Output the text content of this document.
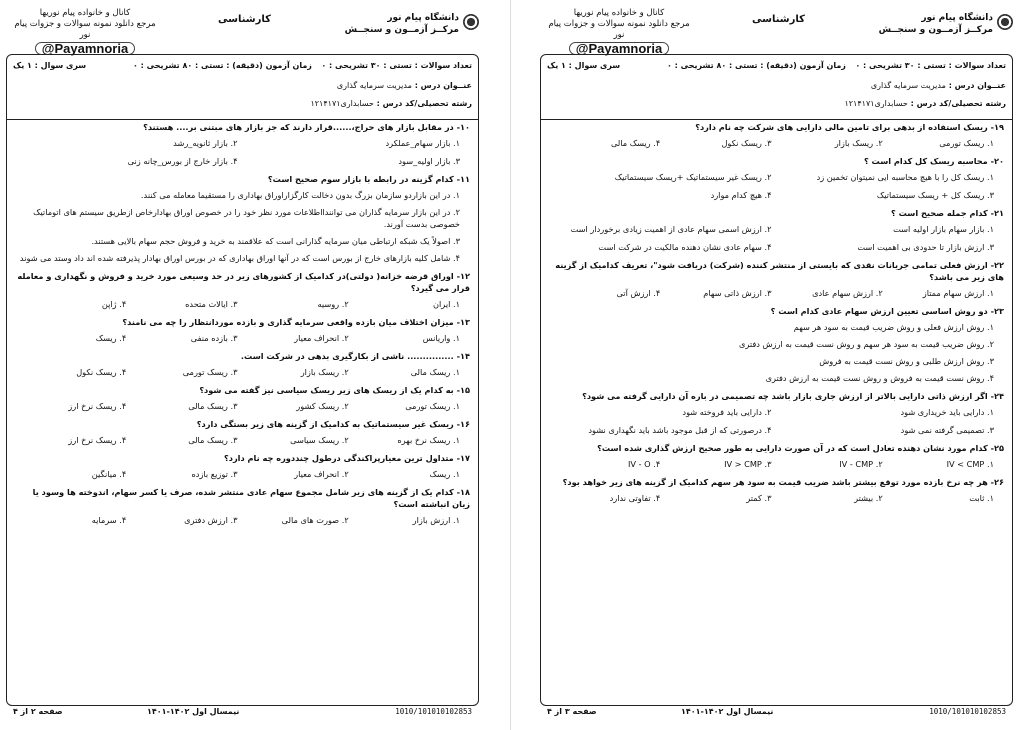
کانال و خانواده پیام نوریها
مرجع دانلود نمونه سوالات و جزوات پیام نور
@Payamnoria
کارشناسی	دانشگاه پیام نور
مرکــز آزمــون و سنجــش
تعداد سوالات : تستی : ۳۰ تشریحی : ۰
زمان آزمون (دقیقه) : تستی : ۸۰ تشریحی : ۰
سری سوال : ۱ یک
عنــوان درس : مدیریت سرمایه گذاری
رشته تحصیلی/کد درس : حسابداری۱۲۱۴۱۷۱
۱۰- در مقابل بازار های حراج،......قرار دارند که جز بازار های مبتنی بر.... هستند؟
۱. بازار سهام_عملکرد
۲. بازار ثانویه_رشد
۳. بازار اولیه_سود
۴. بازار خارج از بورس_چانه زنی
۱۱- کدام گزینه در رابطه با بازار سوم صحیح است؟
۱. در این بازاردو سازمان بزرگ بدون دخالت کارگزاراوراق بهاداری را مستقیما معامله می کنند.
۲. در این بازار سرمایه گذاران می توانندااطلاعات مورد نظر خود را در خصوص اوراق بهادارخاص ازطریق سیستم های اتوماتیک خصوصی بدست آورند.
۳. اصولاً یک شبکه ارتباطی میان سرمایه گذارانی است که علاقمند به خرید و فروش حجم سهام بالایی هستند.
۴. شامل کلیه بازارهای خارج از بورس است که در آنها اوراق بهاداری که در بورس اوراق بهادار پذیرفته شده اند داد وستد می شوند
۱۲- اوراق قرضه خزانه( دولتی)در کدامیک از کشورهای زیر در حد وسیعی مورد خرید و فروش و نگهداری و معامله قرار می گیرد؟
۱. ایران
۲. روسیه
۳. ایالات متحده
۴. ژاپن
۱۳- میزان اختلاف میان بازده واقعی سرمایه گذاری و بازده موردانتظار را چه می نامند؟
۱. واریانس
۲. انحراف معیار
۳. بازده منفی
۴. ریسک
۱۴- ............... ناشی از بکارگیری بدهی در شرکت است.
۱. ریسک مالی
۲. ریسک بازار
۳. ریسک تورمی
۴. ریسک نکول
۱۵- به کدام یک از ریسک های زیر ریسک سیاسی نیز گفته می شود؟
۱. ریسک تورمی
۲. ریسک کشور
۳. ریسک مالی
۴. ریسک نرخ ارز
۱۶- ریسک غیر سیستماتیک به کدامیک از گزینه های زیر بستگی دارد؟
۱. ریسک نرخ بهره
۲. ریسک سیاسی
۳. ریسک مالی
۴. ریسک نرخ ارز
۱۷- متداول ترین معیارپراکندگی درطول چنددوره چه نام دارد؟
۱. ریسک
۲. انحراف معیار
۳. توزیع بازده
۴. میانگین
۱۸- کدام یک از گزینه های زیر شامل مجموع سهام عادی منتشر شده، صرف یا کسر سهام، اندوخته ها وسود یا زیان انباشته است؟
۱. ارزش بازار
۲. صورت های مالی
۳. ارزش دفتری
۴. سرمایه
صفحه ۲ از ۴	نیمسال اول ۱۴۰۲-۱۴۰۱	1010/101010102853
کانال و خانواده پیام نوریها
مرجع دانلود نمونه سوالات و جزوات پیام نور
@Payamnoria
کارشناسی	دانشگاه پیام نور
مرکــز آزمــون و سنجــش
تعداد سوالات : تستی : ۳۰ تشریحی : ۰
زمان آزمون (دقیقه) : تستی : ۸۰ تشریحی : ۰
سری سوال : ۱ یک
عنــوان درس : مدیریت سرمایه گذاری
رشته تحصیلی/کد درس : حسابداری۱۲۱۴۱۷۱
۱۹- ریسک استفاده از بدهی برای تامین مالی دارایی های شرکت چه نام دارد؟
۱. ریسک تورمی
۲. ریسک بازار
۳. ریسک نکول
۴. ریسک مالی
۲۰- محاسبه ریسک کل کدام است ؟
۱. ریسک کل را با هیچ محاسبه ایی نمیتوان تخمین زد
۲. ریسک غیر سیستماتیک +ریسک سیستماتیک
۳. ریسک کل + ریسک سیستماتیک
۴. هیچ کدام موارد
۲۱- کدام جمله صحیح است ؟
۱. بازار سهام بازار اولیه است
۲. ارزش اسمی سهام عادی از اهمیت زیادی برخوردار است
۳. ارزش بازار تا حدودی بی اهمیت است
۴. سهام عادی نشان دهنده مالکیت در شرکت است
۲۲- ارزش فعلی تمامی جریانات نقدی که بایستی از منتشر کننده (شرکت) دریافت شود"، تعریف کدامیک از گزینه های زیر می باشد؟
۱. ارزش سهام ممتاز
۲. ارزش سهام عادی
۳. ارزش ذاتی سهام
۴. ارزش آتی
۲۳- دو روش اساسی تعیین ارزش سهام عادی کدام است ؟
۱. روش ارزش فعلی و روش ضریب قیمت به سود هر سهم
۲. روش ضریب قیمت به سود هر سهم و روش نست قیمت به ارزش دفتری
۳. روش ارزش طلبی و روش نست قیمت به فروش
۴. روش نست قیمت به فروش و روش نست قیمت به ارزش دفتری
۲۴- اگر ارزش ذاتی دارایی بالاتر از ارزش جاری بازار باشد چه تصمیمی در باره آن دارایی گرفته می شود؟
۱. دارایی باید خریداری شود
۲. دارایی باید فروخته شود
۳. تصمیمی گرفته نمی شود
۴. درصورتی که از قبل موجود باشد باید نگهداری نشود
۲۵- کدام مورد نشان دهنده تعادل است که در آن صورت دارایی به طور صحیح ارزش گذاری شده است؟
۱. IV < CMP
۲. IV - CMP
۳. IV > CMP
۴. IV - O
۲۶- هر چه نرخ بازده مورد توقع بیشتر باشد ضریب قیمت به سود هر سهم کدامیک از گزینه های زیر خواهد بود؟
۱. ثابت
۲. بیشتر
۳. کمتر
۴. تفاوتی ندارد
صفحه ۳ از ۴	نیمسال اول ۱۴۰۲-۱۴۰۱	1010/101010102853
